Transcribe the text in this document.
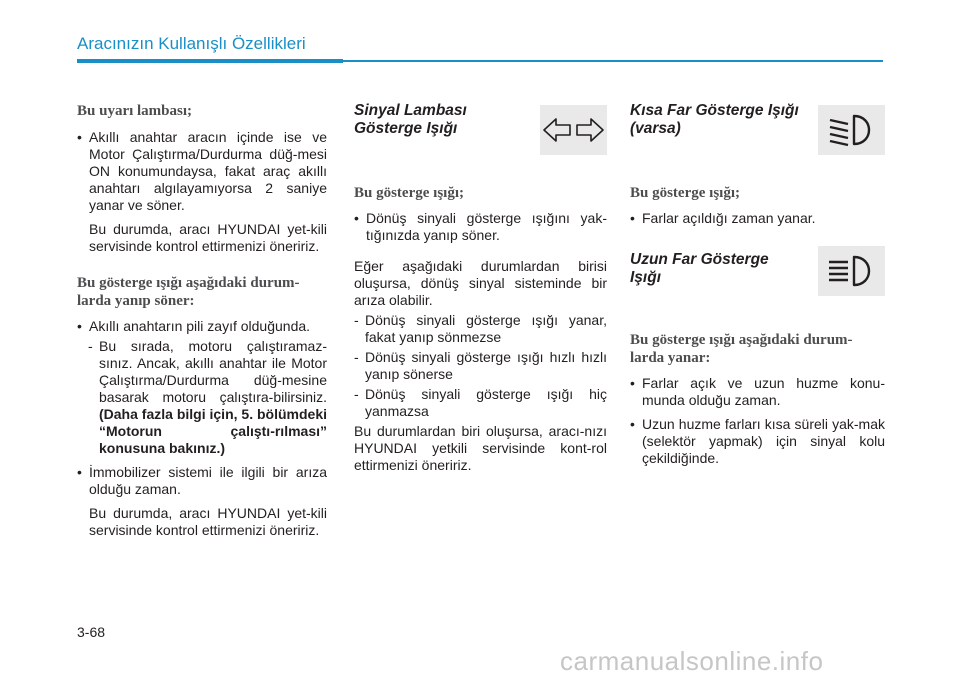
Aracınızın Kullanışlı Özellikleri

Bu uyarı lambası;

• Akıllı anahtar aracın içinde ise ve Motor Çalıştırma/Durdurma düğ-mesi ON konumundaysa, fakat araç akıllı anahtarı algılayamıyorsa 2 saniye yanar ve söner.
Bu durumda, aracı HYUNDAI yet-kili servisinde kontrol ettirmenizi öneririz.

Bu gösterge ışığı aşağıdaki durum-larda yanıp söner:

• Akıllı anahtarın pili zayıf olduğunda.
- Bu sırada, motoru çalıştıramaz-sınız. Ancak, akıllı anahtar ile Motor Çalıştırma/Durdurma düğ-mesine basarak motoru çalıştıra-bilirsiniz. (Daha fazla bilgi için, 5. bölümdeki “Motorun çalıştı-rılması” konusuna bakınız.)
• İmmobilizer sistemi ile ilgili bir arıza olduğu zaman.
Bu durumda, aracı HYUNDAI yet-kili servisinde kontrol ettirmenizi öneririz.
Sinyal Lambası Gösterge Işığı

Bu gösterge ışığı;

• Dönüş sinyali gösterge ışığını yak-tığınızda yanıp söner.

Eğer aşağıdaki durumlardan birisi oluşursa, dönüş sinyal sisteminde bir arıza olabilir.

- Dönüş sinyali gösterge ışığı yanar, fakat yanıp sönmezse
- Dönüş sinyali gösterge ışığı hızlı hızlı yanıp sönerse
- Dönüş sinyali gösterge ışığı hiç yanmazsa

Bu durumlardan biri oluşursa, aracı-nızı HYUNDAI yetkili servisinde kont-rol ettirmenizi öneririz.

Kısa Far Gösterge Işığı (varsa)

Bu gösterge ışığı;

• Farlar açıldığı zaman yanar.
Uzun Far Gösterge Işığı

Bu gösterge ışığı aşağıdaki durum-larda yanar:

• Farlar açık ve uzun huzme konu-munda olduğu zaman.
• Uzun huzme farları kısa süreli yak-mak (selektör yapmak) için sinyal kolu çekildiğinde.
3-68
carmanualsonline.info
